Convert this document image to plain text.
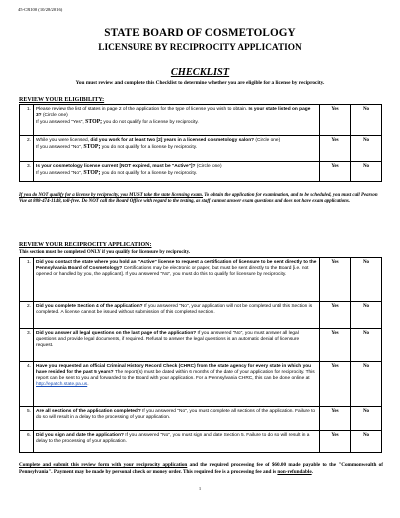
45-CR100 (10/28/2016)
STATE BOARD OF COSMETOLOGY
LICENSURE BY RECIPROCITY APPLICATION
CHECKLIST
You must review and complete this Checklist to determine whether you are eligible for a license by reciprocity.
REVIEW YOUR ELIGIBILITY:
1.	Please review the list of states in page 2 of the application for the type of license you wish to obtain. Is your state listed on page 3? (Circle one)
If you answered "Yes", STOP; you do not qualify for a license by reciprocity.	Yes	No
2.	While you were licensed, did you work for at least two [2] years in a licensed cosmetology salon? (Circle one)
If you answered "No", STOP; you do not qualify for a license by reciprocity.	Yes	No
3.	Is your cosmetology license current [NOT expired, must be "Active"]? (Circle one)
If you answered "No", STOP; you do not qualify for a license by reciprocity.	Yes	No
If you do NOT qualify for a license by reciprocity, you MUST take the state licensing exam. To obtain the application for examination, and to be scheduled, you must call Pearson Vue at 888-474-1148, toll-free. Do NOT call the Board Office with regard to the testing, as staff cannot answer exam questions and does not have exam applications.
REVIEW YOUR RECIPROCITY APPLICATION:
This section must be completed ONLY if you qualify for licensure by reciprocity.
1.	Did you contact the state where you hold an "Active" license to request a certification of licensure to be sent directly to the Pennsylvania Board of Cosmetology? Certifications may be electronic or paper, but must be sent directly to the Board [i.e. not opened or handled by you, the applicant]. If you answered "No", you must do this to qualify for licensure by reciprocity.	Yes	No
2.	Did you complete Section 4 of the application? If you answered "No", your application will not be completed until this Section is completed. A license cannot be issued without submission of this completed section.	Yes	No
3.	Did you answer all legal questions on the last page of the application? If you answered "No", you must answer all legal questions and provide legal documents, if required. Refusal to answer the legal questions is an automatic denial of licensure request.	Yes	No
4.	Have you requested an official Criminal History Record Check (CHRC) from the state agency for every state in which you have resided for the past 5 years? The report(s) must be dated within 6 months of the date of your application for reciprocity. This report can be sent to you and forwarded to the Board with your application. For a Pennsylvania CHRC, this can be done online at http://epatch.state.pa.us.	Yes	No
5.	Are all sections of the application completed? If you answered "No", you must complete all sections of the application. Failure to do so will result in a delay to the processing of your application.	Yes	No
6.	Did you sign and date the application? If you answered "No", you must sign and date Section 5. Failure to do so will result in a delay to the processing of your application.	Yes	No
Complete and submit this review form with your reciprocity application and the required processing fee of $60.00 made payable to the "Commonwealth of Pennsylvania". Payment may be made by personal check or money order. This required fee is a processing fee and is non-refundable.
1
